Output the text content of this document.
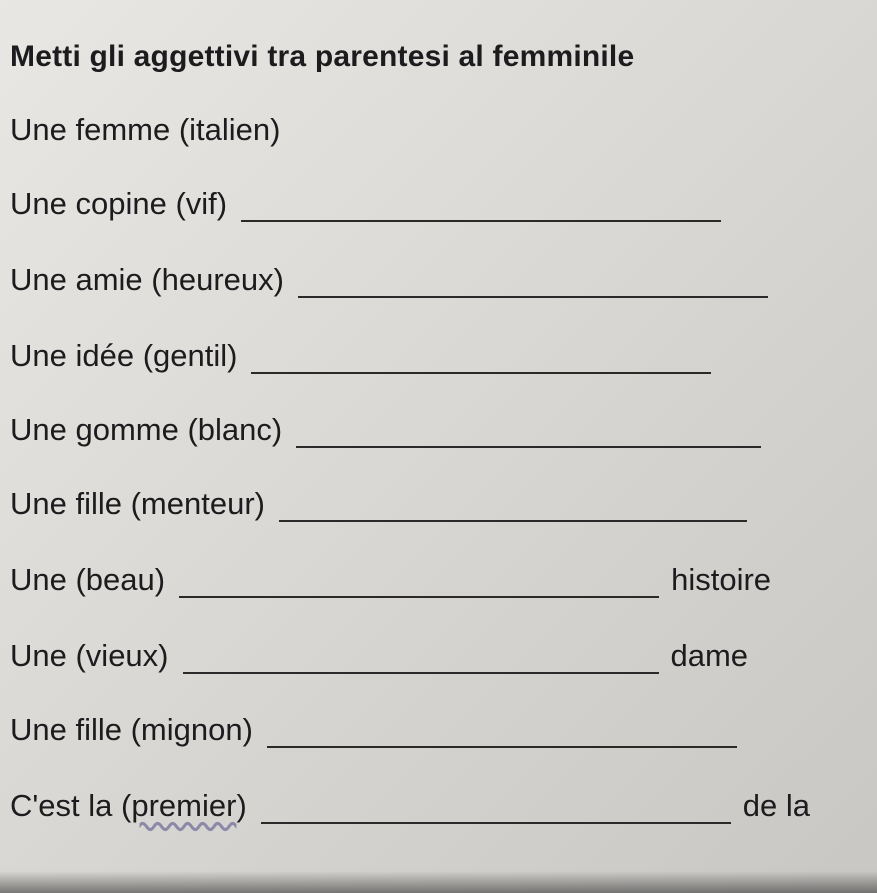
Metti gli aggettivi tra parentesi al femminile
Une femme (italien)
Une copine (vif)
Une amie (heureux)
Une idée (gentil)
Une gomme (blanc)
Une fille (menteur)
Une (beau)	histoire
Une (vieux)	dame
Une fille (mignon)
C'est la (premier)	de la
